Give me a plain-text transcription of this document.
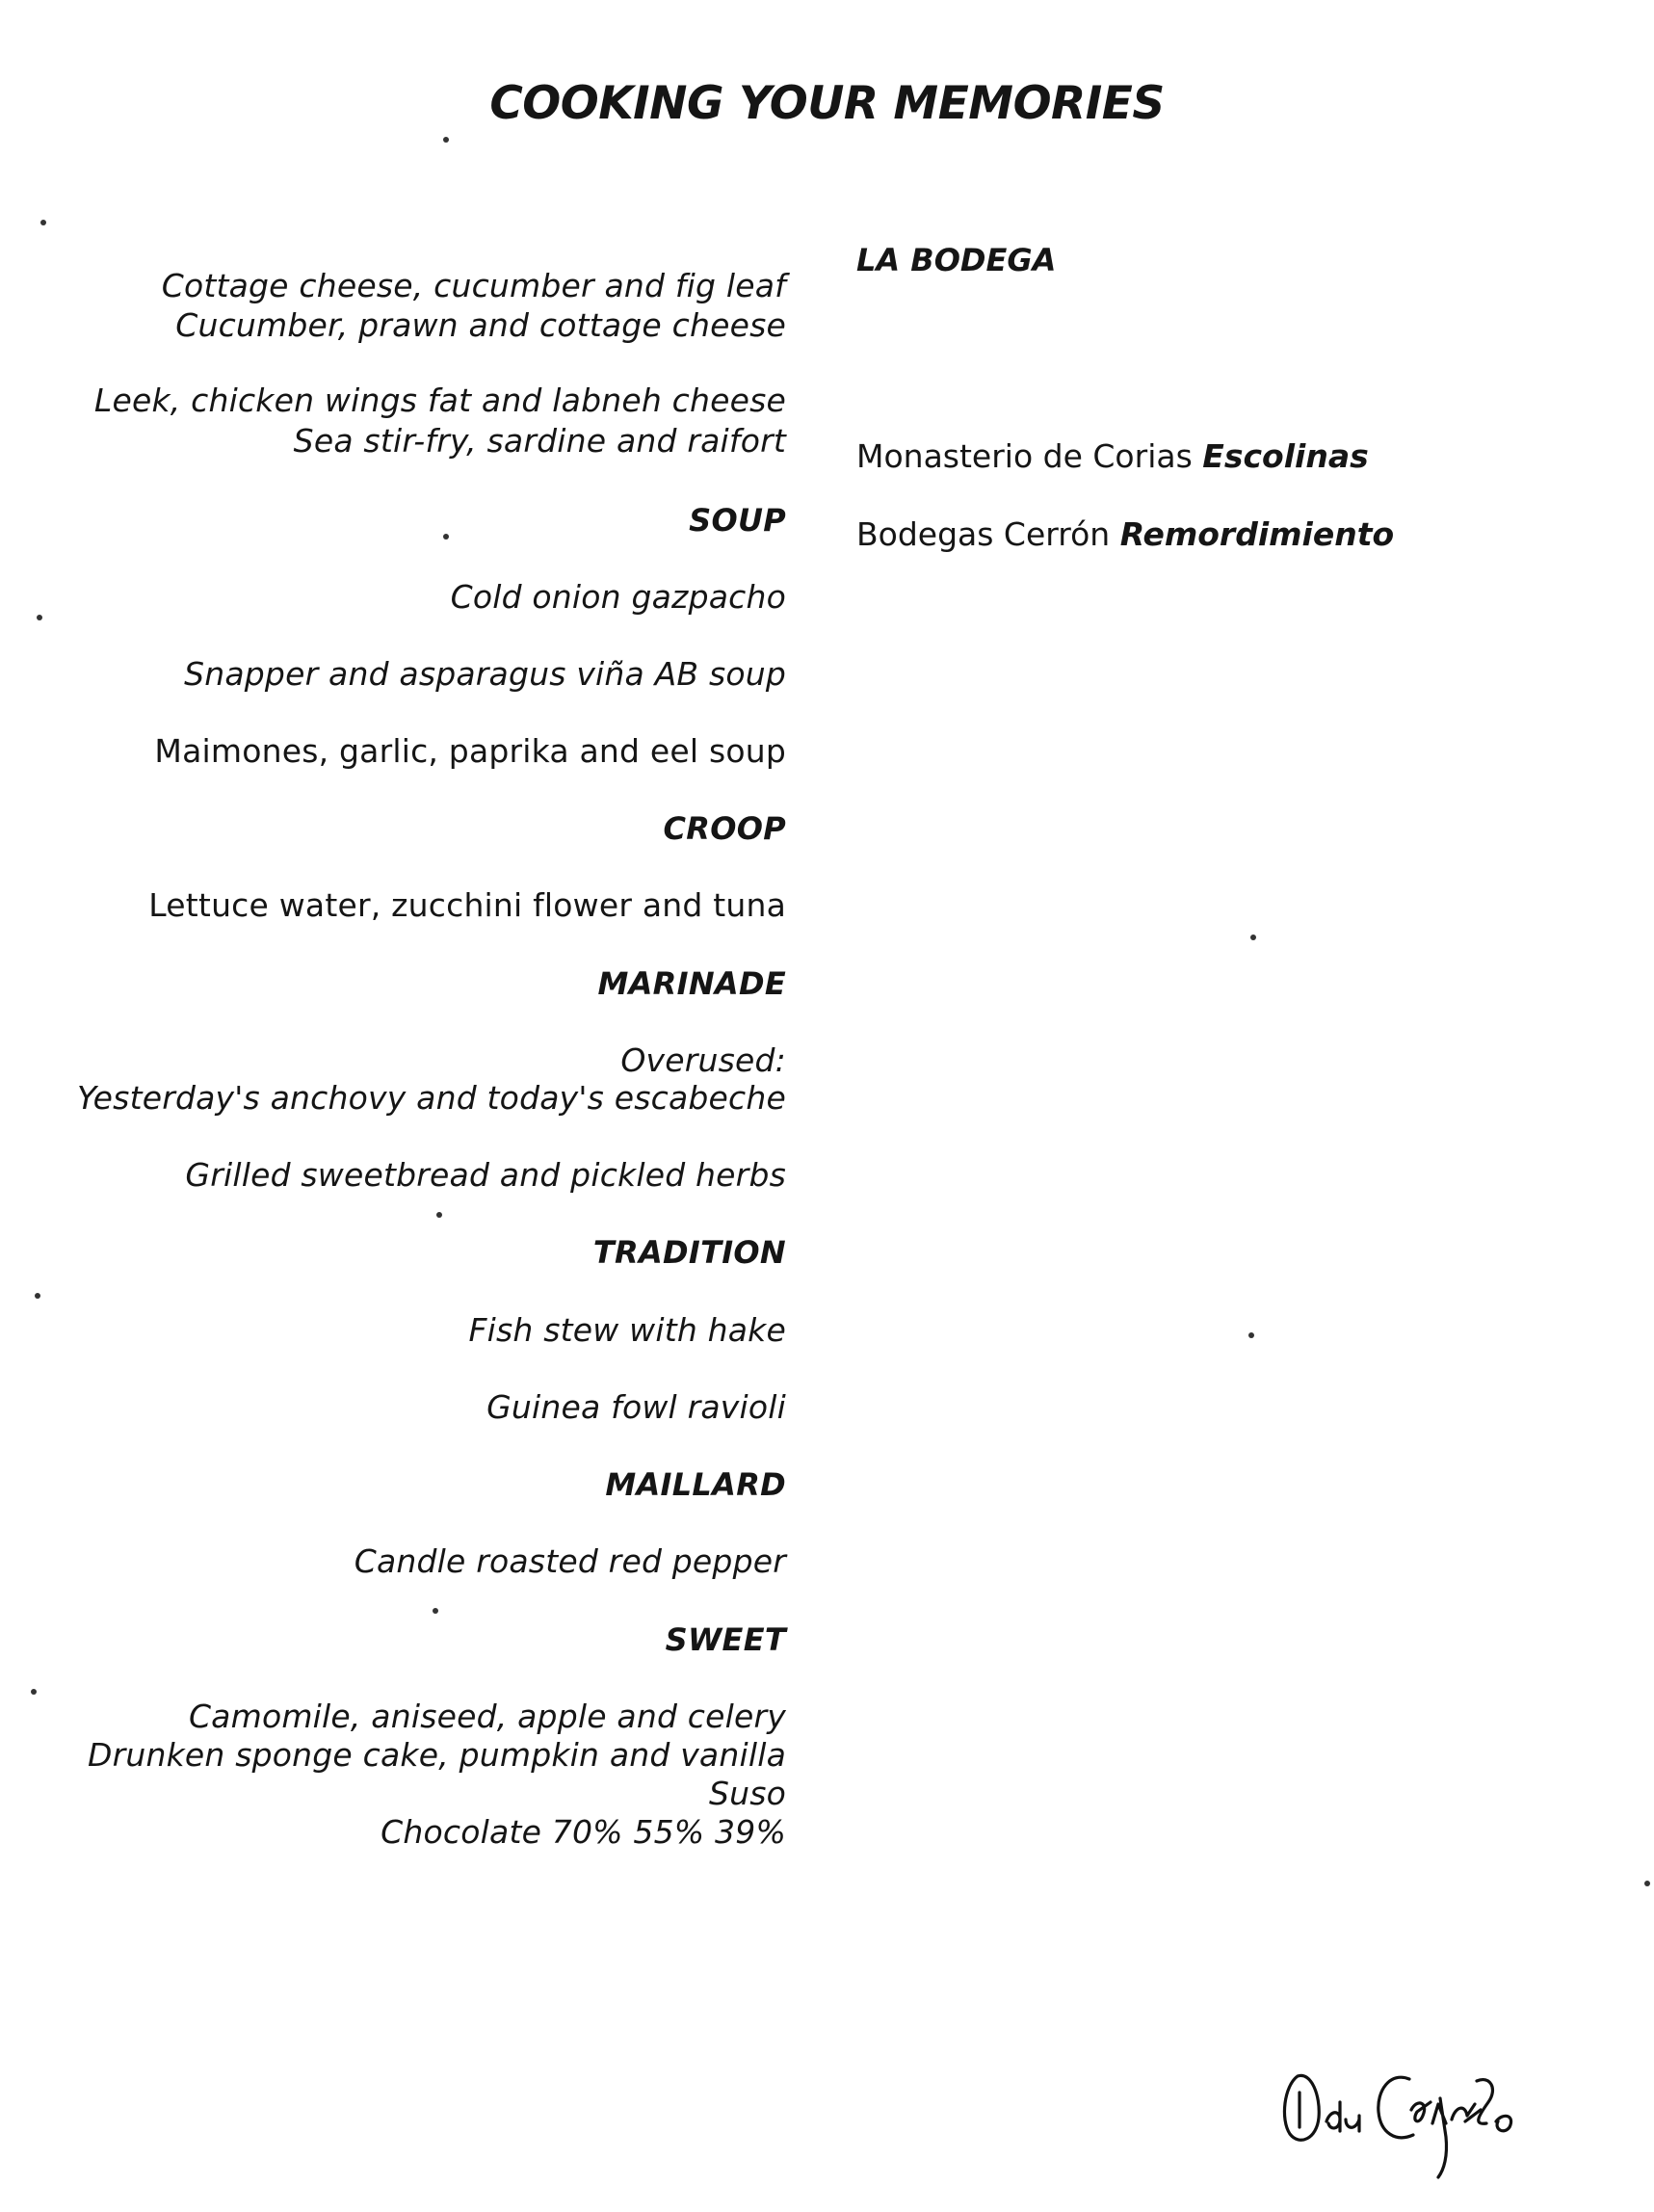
COOKING YOUR MEMORIES
Cottage cheese, cucumber and fig leaf
Cucumber, prawn and cottage cheese
Leek, chicken wings fat and labneh cheese
Sea stir-fry, sardine and raifort
SOUP
Cold onion gazpacho
Snapper and asparagus viña AB soup
Maimones, garlic, paprika and eel soup
CROOP
Lettuce water, zucchini flower and tuna
MARINADE
Overused:
Yesterday's anchovy and today's escabeche
Grilled sweetbread and pickled herbs
TRADITION
Fish stew with hake
Guinea fowl ravioli
MAILLARD
Candle roasted red pepper
SWEET
Camomile, aniseed, apple and celery
Drunken sponge cake, pumpkin and vanilla
Suso
Chocolate 70% 55% 39%
LA BODEGA
Monasterio de Corias Escolinas
Bodegas Cerrón Remordimiento
